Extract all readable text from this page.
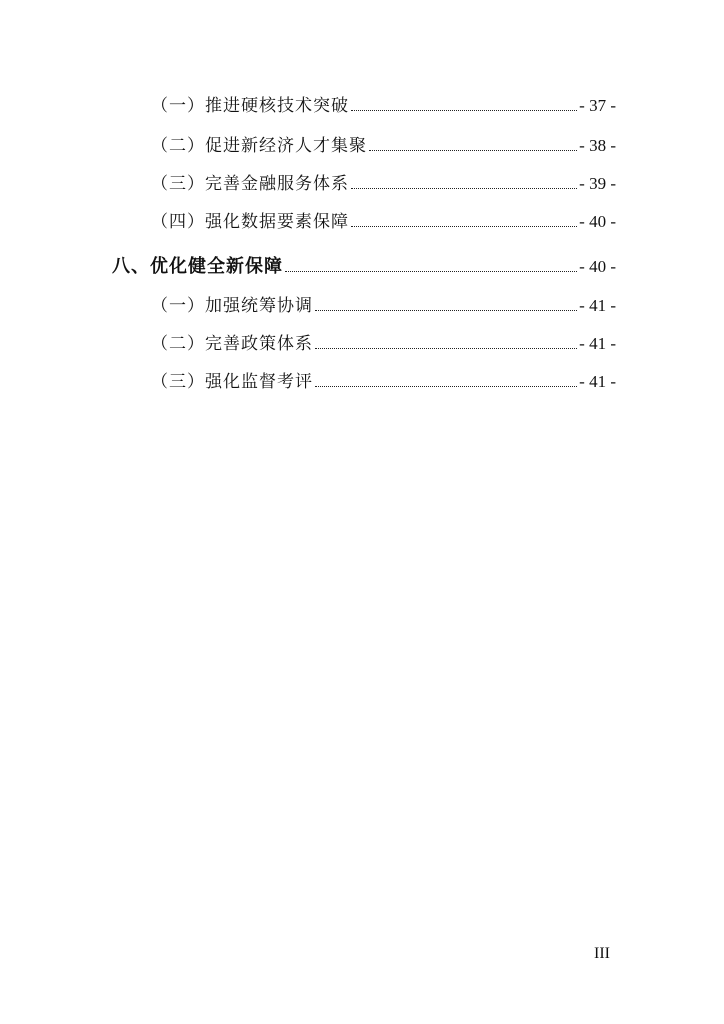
（一）推进硬核技术突破	- 37 -
（二）促进新经济人才集聚	- 38 -
（三）完善金融服务体系	- 39 -
（四）强化数据要素保障	- 40 -
八、优化健全新保障	- 40 -
（一）加强统筹协调	- 41 -
（二）完善政策体系	- 41 -
（三）强化监督考评	- 41 -
III
